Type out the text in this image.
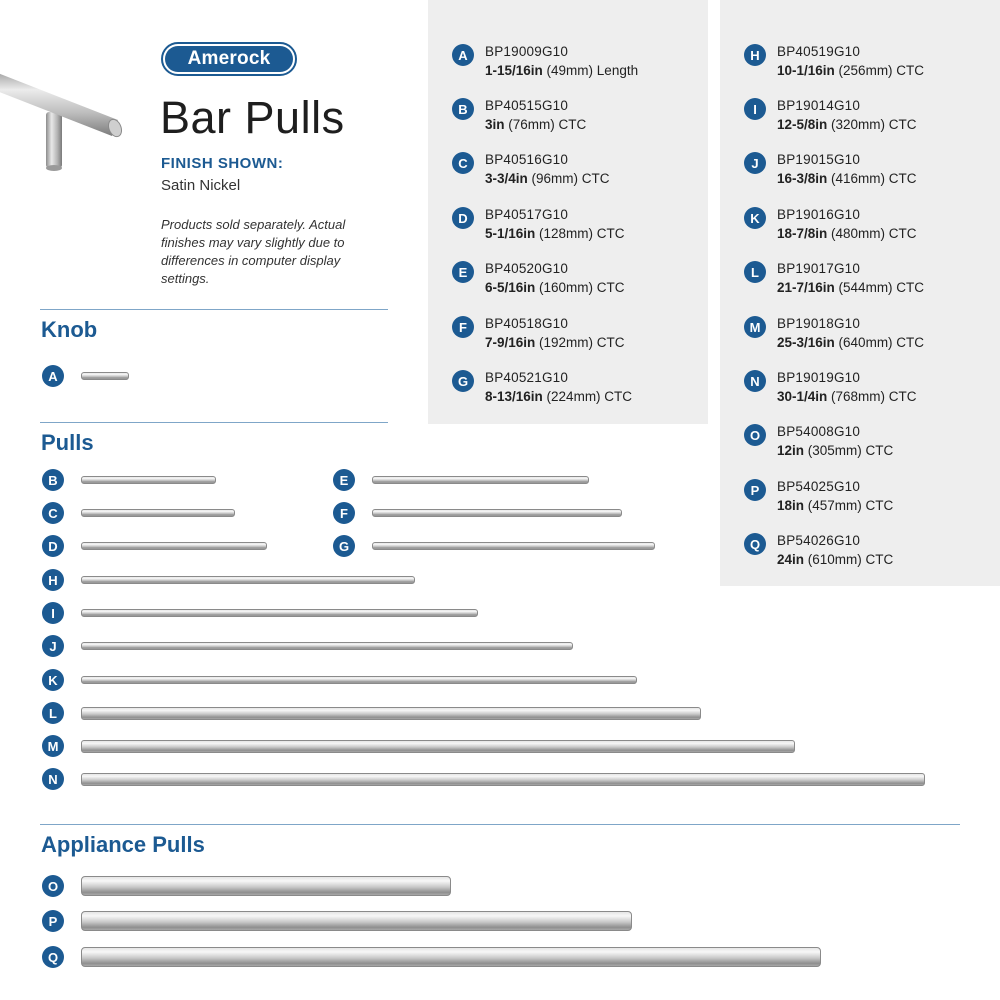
Amerock
Bar Pulls
FINISH SHOWN:
Satin Nickel
Products sold separately. Actual finishes may vary slightly due to differences in computer display settings.
Knob
Pulls
Appliance Pulls
A	BP19009G10
1-15/16in (49mm) Length
B	BP40515G10
3in (76mm) CTC
C	BP40516G10
3-3/4in (96mm) CTC
D	BP40517G10
5-1/16in (128mm) CTC
E	BP40520G10
6-5/16in (160mm) CTC
F	BP40518G10
7-9/16in (192mm) CTC
G	BP40521G10
8-13/16in (224mm) CTC
H	BP40519G10
10-1/16in (256mm) CTC
I	BP19014G10
12-5/8in (320mm) CTC
J	BP19015G10
16-3/8in (416mm) CTC
K	BP19016G10
18-7/8in (480mm) CTC
L	BP19017G10
21-7/16in (544mm) CTC
M	BP19018G10
25-3/16in (640mm) CTC
N	BP19019G10
30-1/4in (768mm) CTC
O	BP54008G10
12in (305mm) CTC
P	BP54025G10
18in (457mm) CTC
Q	BP54026G10
24in (610mm) CTC
A
B
C
D
E
F
G
H
I
J
K
L
M
N
O
P
Q
